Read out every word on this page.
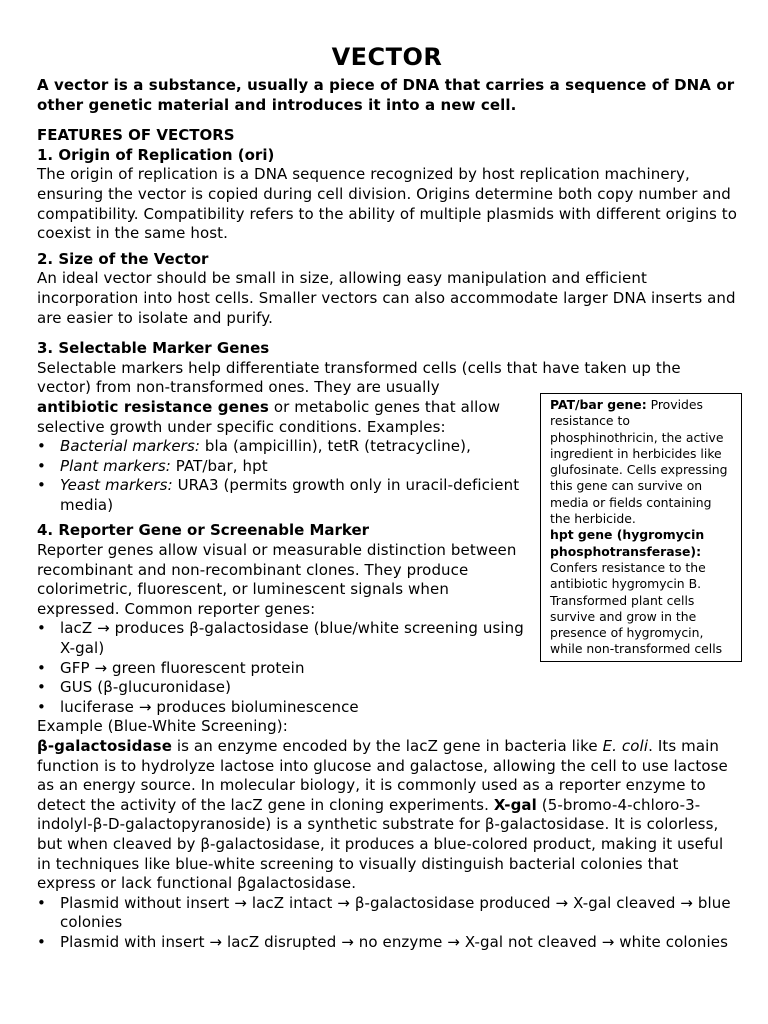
VECTOR

A vector is a substance, usually a piece of DNA that carries a sequence of DNA or other genetic material and introduces it into a new cell.

FEATURES OF VECTORS
1. Origin of Replication (ori)

The origin of replication is a DNA sequence recognized by host replication machinery, ensuring the vector is copied during cell division. Origins determine both copy number and compatibility. Compatibility refers to the ability of multiple plasmids with different origins to coexist in the same host.

2. Size of the Vector

An ideal vector should be small in size, allowing easy manipulation and efficient incorporation into host cells. Smaller vectors can also accommodate larger DNA inserts and are easier to isolate and purify.

3. Selectable Marker Genes

Selectable markers help differentiate transformed cells (cells that have taken up the vector) from non-transformed ones. They are usually

antibiotic resistance genes or metabolic genes that allow selective growth under specific conditions. Examples:

• Bacterial markers: bla (ampicillin), tetR (tetracycline),
• Plant markers: PAT/bar, hpt
• Yeast markers: URA3 (permits growth only in uracil-deficient media)
4. Reporter Gene or Screenable Marker

Reporter genes allow visual or measurable distinction between recombinant and non-recombinant clones. They produce colorimetric, fluorescent, or luminescent signals when expressed. Common reporter genes:

• lacZ → produces β-galactosidase (blue/white screening using X-gal)
• GFP → green fluorescent protein
• GUS (β-glucuronidase)
• luciferase → produces bioluminescence

Example (Blue-White Screening):

β-galactosidase is an enzyme encoded by the lacZ gene in bacteria like E. coli. Its main function is to hydrolyze lactose into glucose and galactose, allowing the cell to use lactose as an energy source. In molecular biology, it is commonly used as a reporter enzyme to detect the activity of the lacZ gene in cloning experiments. X-gal (5-bromo-4-chloro-3-indolyl-β-D-galactopyranoside) is a synthetic substrate for β-galactosidase. It is colorless, but when cleaved by β-galactosidase, it produces a blue-colored product, making it useful in techniques like blue-white screening to visually distinguish bacterial colonies that express or lack functional βgalactosidase.

• Plasmid without insert → lacZ intact → β-galactosidase produced → X-gal cleaved → blue colonies
• Plasmid with insert → lacZ disrupted → no enzyme → X-gal not cleaved → white colonies
PAT/bar gene: Provides resistance to phosphinothricin, the active ingredient in herbicides like glufosinate. Cells expressing this gene can survive on media or fields containing the herbicide.
hpt gene (hygromycin phosphotransferase): Confers resistance to the antibiotic hygromycin B. Transformed plant cells survive and grow in the presence of hygromycin, while non-transformed cells
